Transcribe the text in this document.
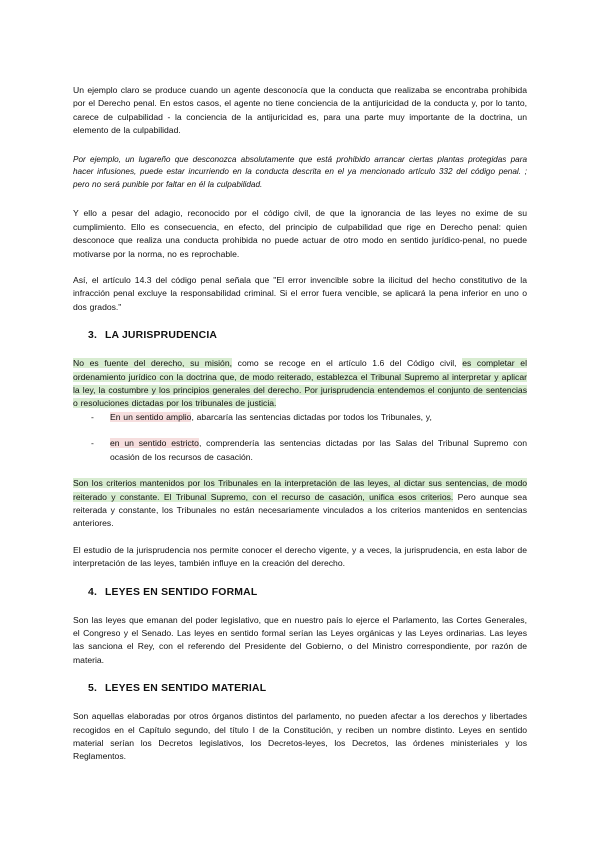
Un ejemplo claro se produce cuando un agente desconocía que la conducta que realizaba se encontraba prohibida por el Derecho penal. En estos casos, el agente no tiene conciencia de la antijuricidad de la conducta y, por lo tanto, carece de culpabilidad - la conciencia de la antijuricidad es, para una parte muy importante de la doctrina, un elemento de la culpabilidad.

Por ejemplo, un lugareño que desconozca absolutamente que está prohibido arrancar ciertas plantas protegidas para hacer infusiones, puede estar incurriendo en la conducta descrita en el ya mencionado artículo 332 del código penal. ; pero no será punible por faltar en él la culpabilidad.

Y ello a pesar del adagio, reconocido por el código civil, de que la ignorancia de las leyes no exime de su cumplimiento. Ello es consecuencia, en efecto, del principio de culpabilidad que rige en Derecho penal: quien desconoce que realiza una conducta prohibida no puede actuar de otro modo en sentido jurídico-penal, no puede motivarse por la norma, no es reprochable.

Así, el artículo 14.3 del código penal señala que "El error invencible sobre la ilicitud del hecho constitutivo de la infracción penal excluye la responsabilidad criminal. Si el error fuera vencible, se aplicará la pena inferior en uno o dos grados."

3. LA JURISPRUDENCIA

No es fuente del derecho, su misión, como se recoge en el artículo 1.6 del Código civil, es completar el ordenamiento jurídico con la doctrina que, de modo reiterado, establezca el Tribunal Supremo al interpretar y aplicar la ley, la costumbre y los principios generales del derecho. Por jurisprudencia entendemos el conjunto de sentencias o resoluciones dictadas por los tribunales de justicia.

- En un sentido amplio, abarcaría las sentencias dictadas por todos los Tribunales, y,
- en un sentido estricto, comprendería las sentencias dictadas por las Salas del Tribunal Supremo con ocasión de los recursos de casación.

Son los criterios mantenidos por los Tribunales en la interpretación de las leyes, al dictar sus sentencias, de modo reiterado y constante. El Tribunal Supremo, con el recurso de casación, unifica esos criterios. Pero aunque sea reiterada y constante, los Tribunales no están necesariamente vinculados a los criterios mantenidos en sentencias anteriores.

El estudio de la jurisprudencia nos permite conocer el derecho vigente, y a veces, la jurisprudencia, en esta labor de interpretación de las leyes, también influye en la creación del derecho.

4. LEYES EN SENTIDO FORMAL

Son las leyes que emanan del poder legislativo, que en nuestro país lo ejerce el Parlamento, las Cortes Generales, el Congreso y el Senado. Las leyes en sentido formal serían las Leyes orgánicas y las Leyes ordinarias. Las leyes las sanciona el Rey, con el referendo del Presidente del Gobierno, o del Ministro correspondiente, por razón de materia.

5. LEYES EN SENTIDO MATERIAL

Son aquellas elaboradas por otros órganos distintos del parlamento, no pueden afectar a los derechos y libertades recogidos en el Capítulo segundo, del título I de la Constitución, y reciben un nombre distinto. Leyes en sentido material serían los Decretos legislativos, los Decretos-leyes, los Decretos, las órdenes ministeriales y los Reglamentos.
